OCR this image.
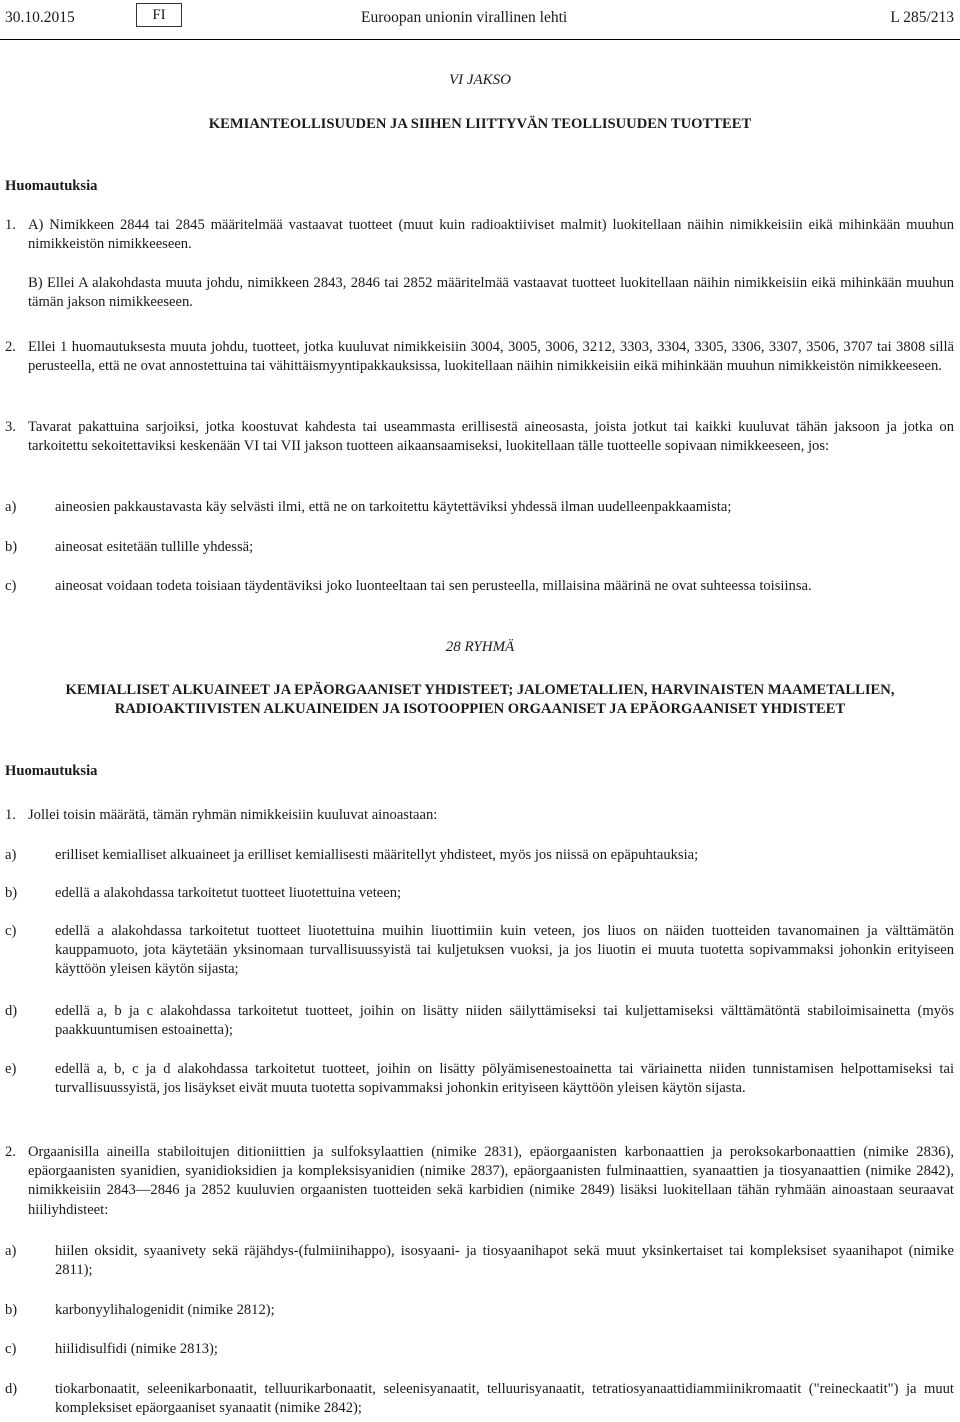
30.10.2015	FI	Euroopan unionin virallinen lehti	L 285/213
VI JAKSO
KEMIANTEOLLISUUDEN JA SIIHEN LIITTYVÄN TEOLLISUUDEN TUOTTEET
Huomautuksia
1. A) Nimikkeen 2844 tai 2845 määritelmää vastaavat tuotteet (muut kuin radioaktiiviset malmit) luokitellaan näihin nimikkeisiin eikä mihinkään muuhun nimikkeistön nimikkeeseen.
B) Ellei A alakohdasta muuta johdu, nimikkeen 2843, 2846 tai 2852 määritelmää vastaavat tuotteet luokitellaan näihin nimikkeisiin eikä mihinkään muuhun tämän jakson nimikkeeseen.
2. Ellei 1 huomautuksesta muuta johdu, tuotteet, jotka kuuluvat nimikkeisiin 3004, 3005, 3006, 3212, 3303, 3304, 3305, 3306, 3307, 3506, 3707 tai 3808 sillä perusteella, että ne ovat annostettuina tai vähittäismyyntipakkauksissa, luokitellaan näihin nimikkeisiin eikä mihinkään muuhun nimikkeistön nimikkeeseen.
3. Tavarat pakattuina sarjoiksi, jotka koostuvat kahdesta tai useammasta erillisestä aineosasta, joista jotkut tai kaikki kuuluvat tähän jaksoon ja jotka on tarkoitettu sekoitettaviksi keskenään VI tai VII jakson tuotteen aikaansaamiseksi, luokitellaan tälle tuotteelle sopivaan nimikkeeseen, jos:
a)	aineosien pakkaustavasta käy selvästi ilmi, että ne on tarkoitettu käytettäviksi yhdessä ilman uudelleenpakkaamista;
b)	aineosat esitetään tullille yhdessä;
c)	aineosat voidaan todeta toisiaan täydentäviksi joko luonteeltaan tai sen perusteella, millaisina määrinä ne ovat suhteessa toisiinsa.
28 RYHMÄ
KEMIALLISET ALKUAINEET JA EPÄORGAANISET YHDISTEET; JALOMETALLIEN, HARVINAISTEN MAAMETALLIEN,
RADIOAKTIIVISTEN ALKUAINEIDEN JA ISOTOOPPIEN ORGAANISET JA EPÄORGAANISET YHDISTEET
Huomautuksia
1. Jollei toisin määrätä, tämän ryhmän nimikkeisiin kuuluvat ainoastaan:
a)	erilliset kemialliset alkuaineet ja erilliset kemiallisesti määritellyt yhdisteet, myös jos niissä on epäpuhtauksia;
b)	edellä a alakohdassa tarkoitetut tuotteet liuotettuina veteen;
c)	edellä a alakohdassa tarkoitetut tuotteet liuotettuina muihin liuottimiin kuin veteen, jos liuos on näiden tuotteiden tavanomainen ja välttämätön kauppamuoto, jota käytetään yksinomaan turvallisuussyistä tai kuljetuksen vuoksi, ja jos liuotin ei muuta tuotetta sopivammaksi johonkin erityiseen käyttöön yleisen käytön sijasta;
d)	edellä a, b ja c alakohdassa tarkoitetut tuotteet, joihin on lisätty niiden säilyttämiseksi tai kuljettamiseksi välttämätöntä stabiloimisainetta (myös paakkuuntumisen estoainetta);
e)	edellä a, b, c ja d alakohdassa tarkoitetut tuotteet, joihin on lisätty pölyämisenestoainetta tai väriainetta niiden tunnistamisen helpottamiseksi tai turvallisuussyistä, jos lisäykset eivät muuta tuotetta sopivammaksi johonkin erityiseen käyttöön yleisen käytön sijasta.
2. Orgaanisilla aineilla stabiloitujen ditioniittien ja sulfoksylaattien (nimike 2831), epäorgaanisten karbonaattien ja peroksokarbonaattien (nimike 2836), epäorgaanisten syanidien, syanidioksidien ja kompleksisyanidien (nimike 2837), epäorgaanisten fulminaattien, syanaattien ja tiosyanaattien (nimike 2842), nimikkeisiin 2843—2846 ja 2852 kuuluvien orgaanisten tuotteiden sekä karbidien (nimike 2849) lisäksi luokitellaan tähän ryhmään ainoastaan seuraavat hiiliyhdisteet:
a)	hiilen oksidit, syaanivety sekä räjähdys-(fulmiinihappo), isosyaani- ja tiosyaanihapot sekä muut yksinkertaiset tai kompleksiset syaanihapot (nimike 2811);
b)	karbonyylihalogenidit (nimike 2812);
c)	hiilidisulfidi (nimike 2813);
d)	tiokarbonaatit, seleenikarbonaatit, telluurikarbonaatit, seleenisyanaatit, telluurisyanaatit, tetratiosyanaattidiammiinikromaatit ("reineckaatit") ja muut kompleksiset epäorgaaniset syanaatit (nimike 2842);
